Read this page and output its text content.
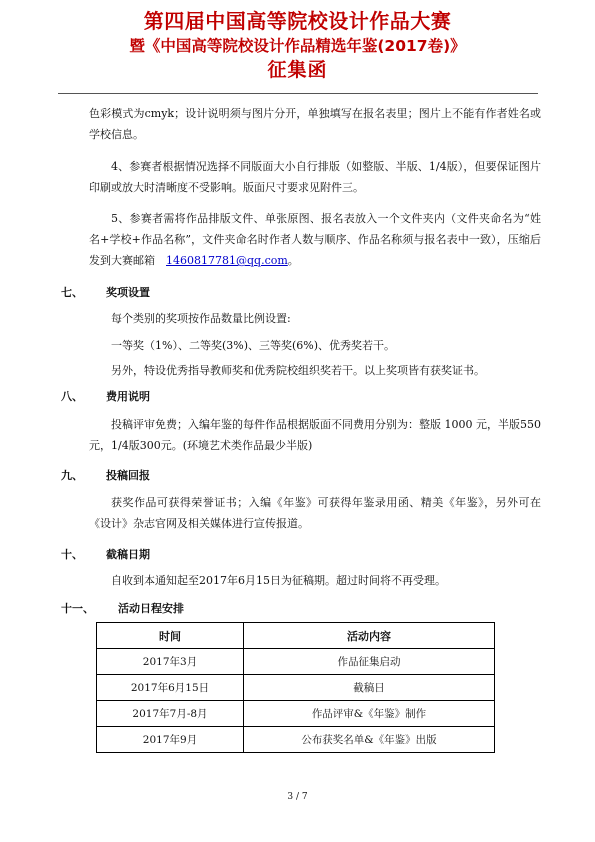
第四届中国高等院校设计作品大赛
暨《中国高等院校设计作品精选年鉴(2017卷)》
征集函
色彩模式为cmyk；设计说明须与图片分开，单独填写在报名表里；图片上不能有作者姓名或学校信息。
4、参赛者根据情况选择不同版面大小自行排版（如整版、半版、1/4版），但要保证图片印刷或放大时清晰度不受影响。版面尺寸要求见附件三。
5、参赛者需将作品排版文件、单张原图、报名表放入一个文件夹内（文件夹命名为“姓名+学校+作品名称”，文件夹命名时作者人数与顺序、作品名称须与报名表中一致），压缩后发到大赛邮箱　1460817781@qq.com。
七、 奖项设置
每个类别的奖项按作品数量比例设置:
一等奖（1%）、二等奖(3%)、三等奖(6%)、优秀奖若干。
另外，特设优秀指导教师奖和优秀院校组织奖若干。以上奖项皆有获奖证书。
八、 费用说明
投稿评审免费；入编年鉴的每件作品根据版面不同费用分别为：整版 1000 元，半版550元，1/4版300元。(环境艺术类作品最少半版)
九、 投稿回报
获奖作品可获得荣誉证书；入编《年鉴》可获得年鉴录用函、精美《年鉴》，另外可在《设计》杂志官网及相关媒体进行宣传报道。
十、 截稿日期
自收到本通知起至2017年6月15日为征稿期。超过时间将不再受理。
十一、 活动日程安排
时间	活动内容
2017年3月	作品征集启动
2017年6月15日	截稿日
2017年7月-8月	作品评审&《年鉴》制作
2017年9月	公布获奖名单&《年鉴》出版
3 / 7
